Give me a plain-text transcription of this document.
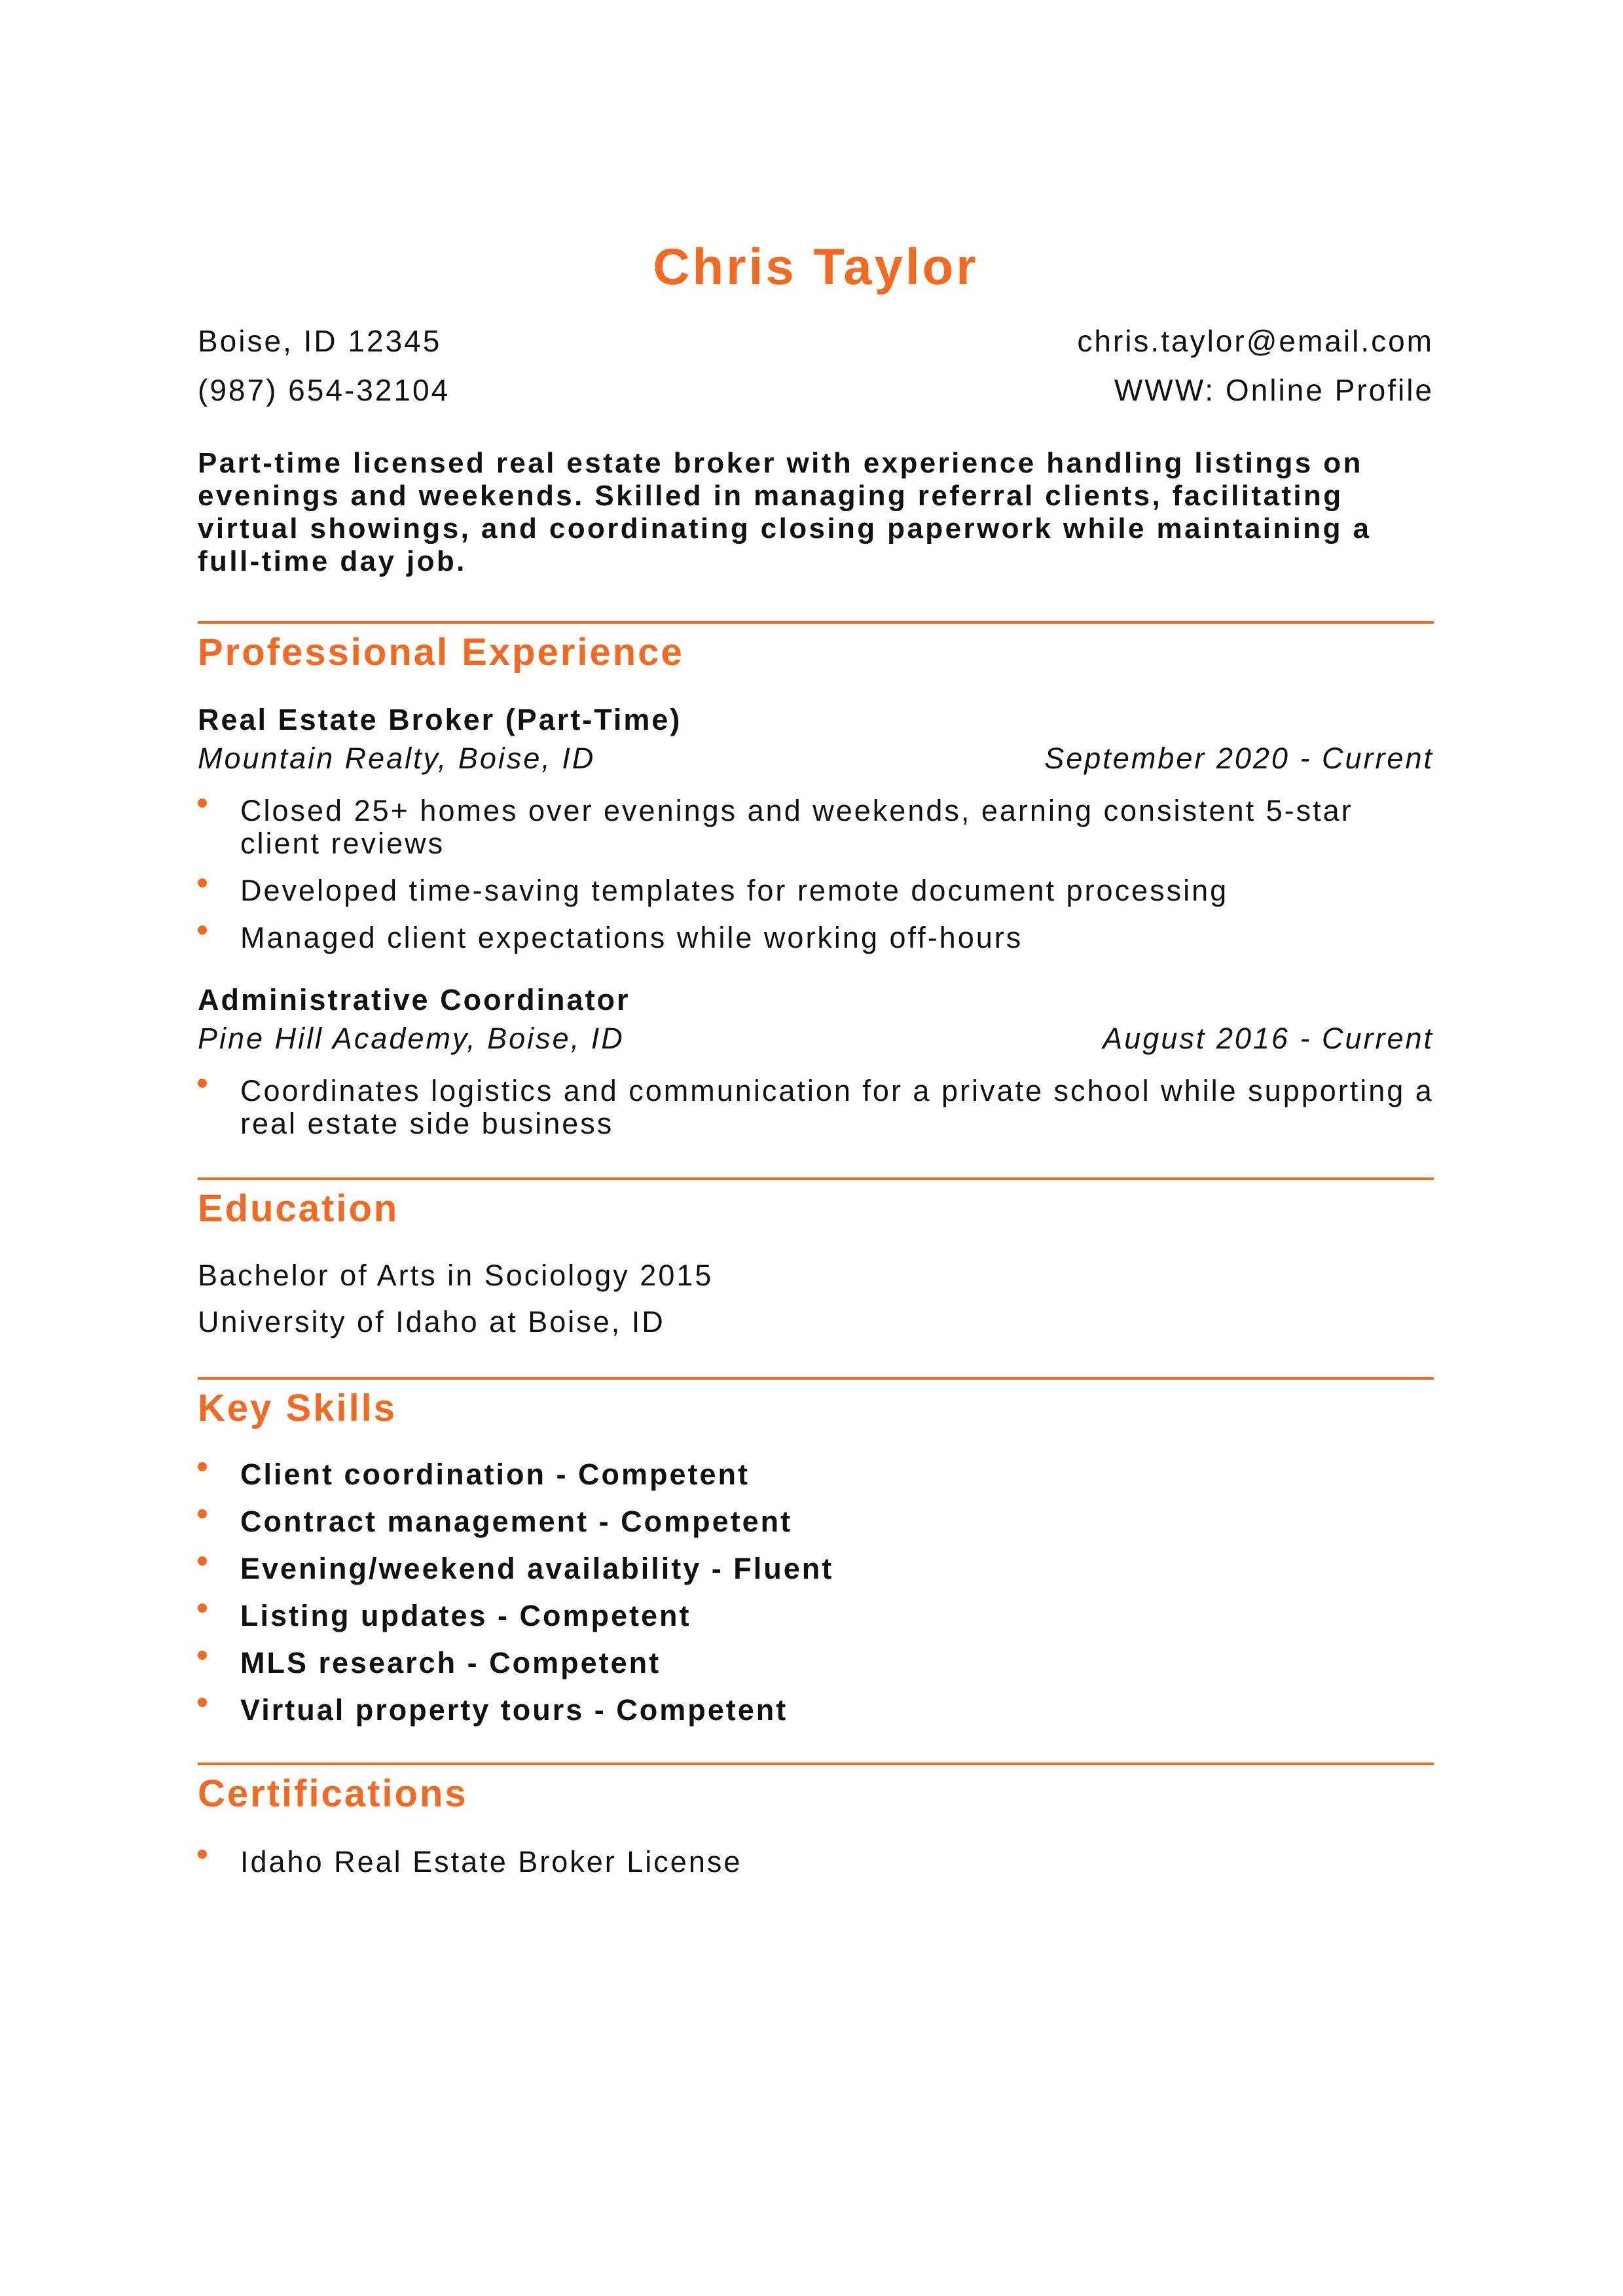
Chris Taylor
Boise, ID 12345	chris.taylor@email.com
(987) 654-32104	WWW: Online Profile

Part-time licensed real estate broker with experience handling listings on evenings and weekends. Skilled in managing referral clients, facilitating virtual showings, and coordinating closing paperwork while maintaining a full-time day job.

Professional Experience
Real Estate Broker (Part-Time)
Mountain Realty, Boise, ID	September 2020 - Current
Closed 25+ homes over evenings and weekends, earning consistent 5-star client reviews
Developed time-saving templates for remote document processing
Managed client expectations while working off-hours
Administrative Coordinator
Pine Hill Academy, Boise, ID	August 2016 - Current
Coordinates logistics and communication for a private school while supporting a real estate side business
Education
Bachelor of Arts in Sociology 2015
University of Idaho at Boise, ID
Key Skills
Client coordination - Competent
Contract management - Competent
Evening/weekend availability - Fluent
Listing updates - Competent
MLS research - Competent
Virtual property tours - Competent
Certifications
Idaho Real Estate Broker License
